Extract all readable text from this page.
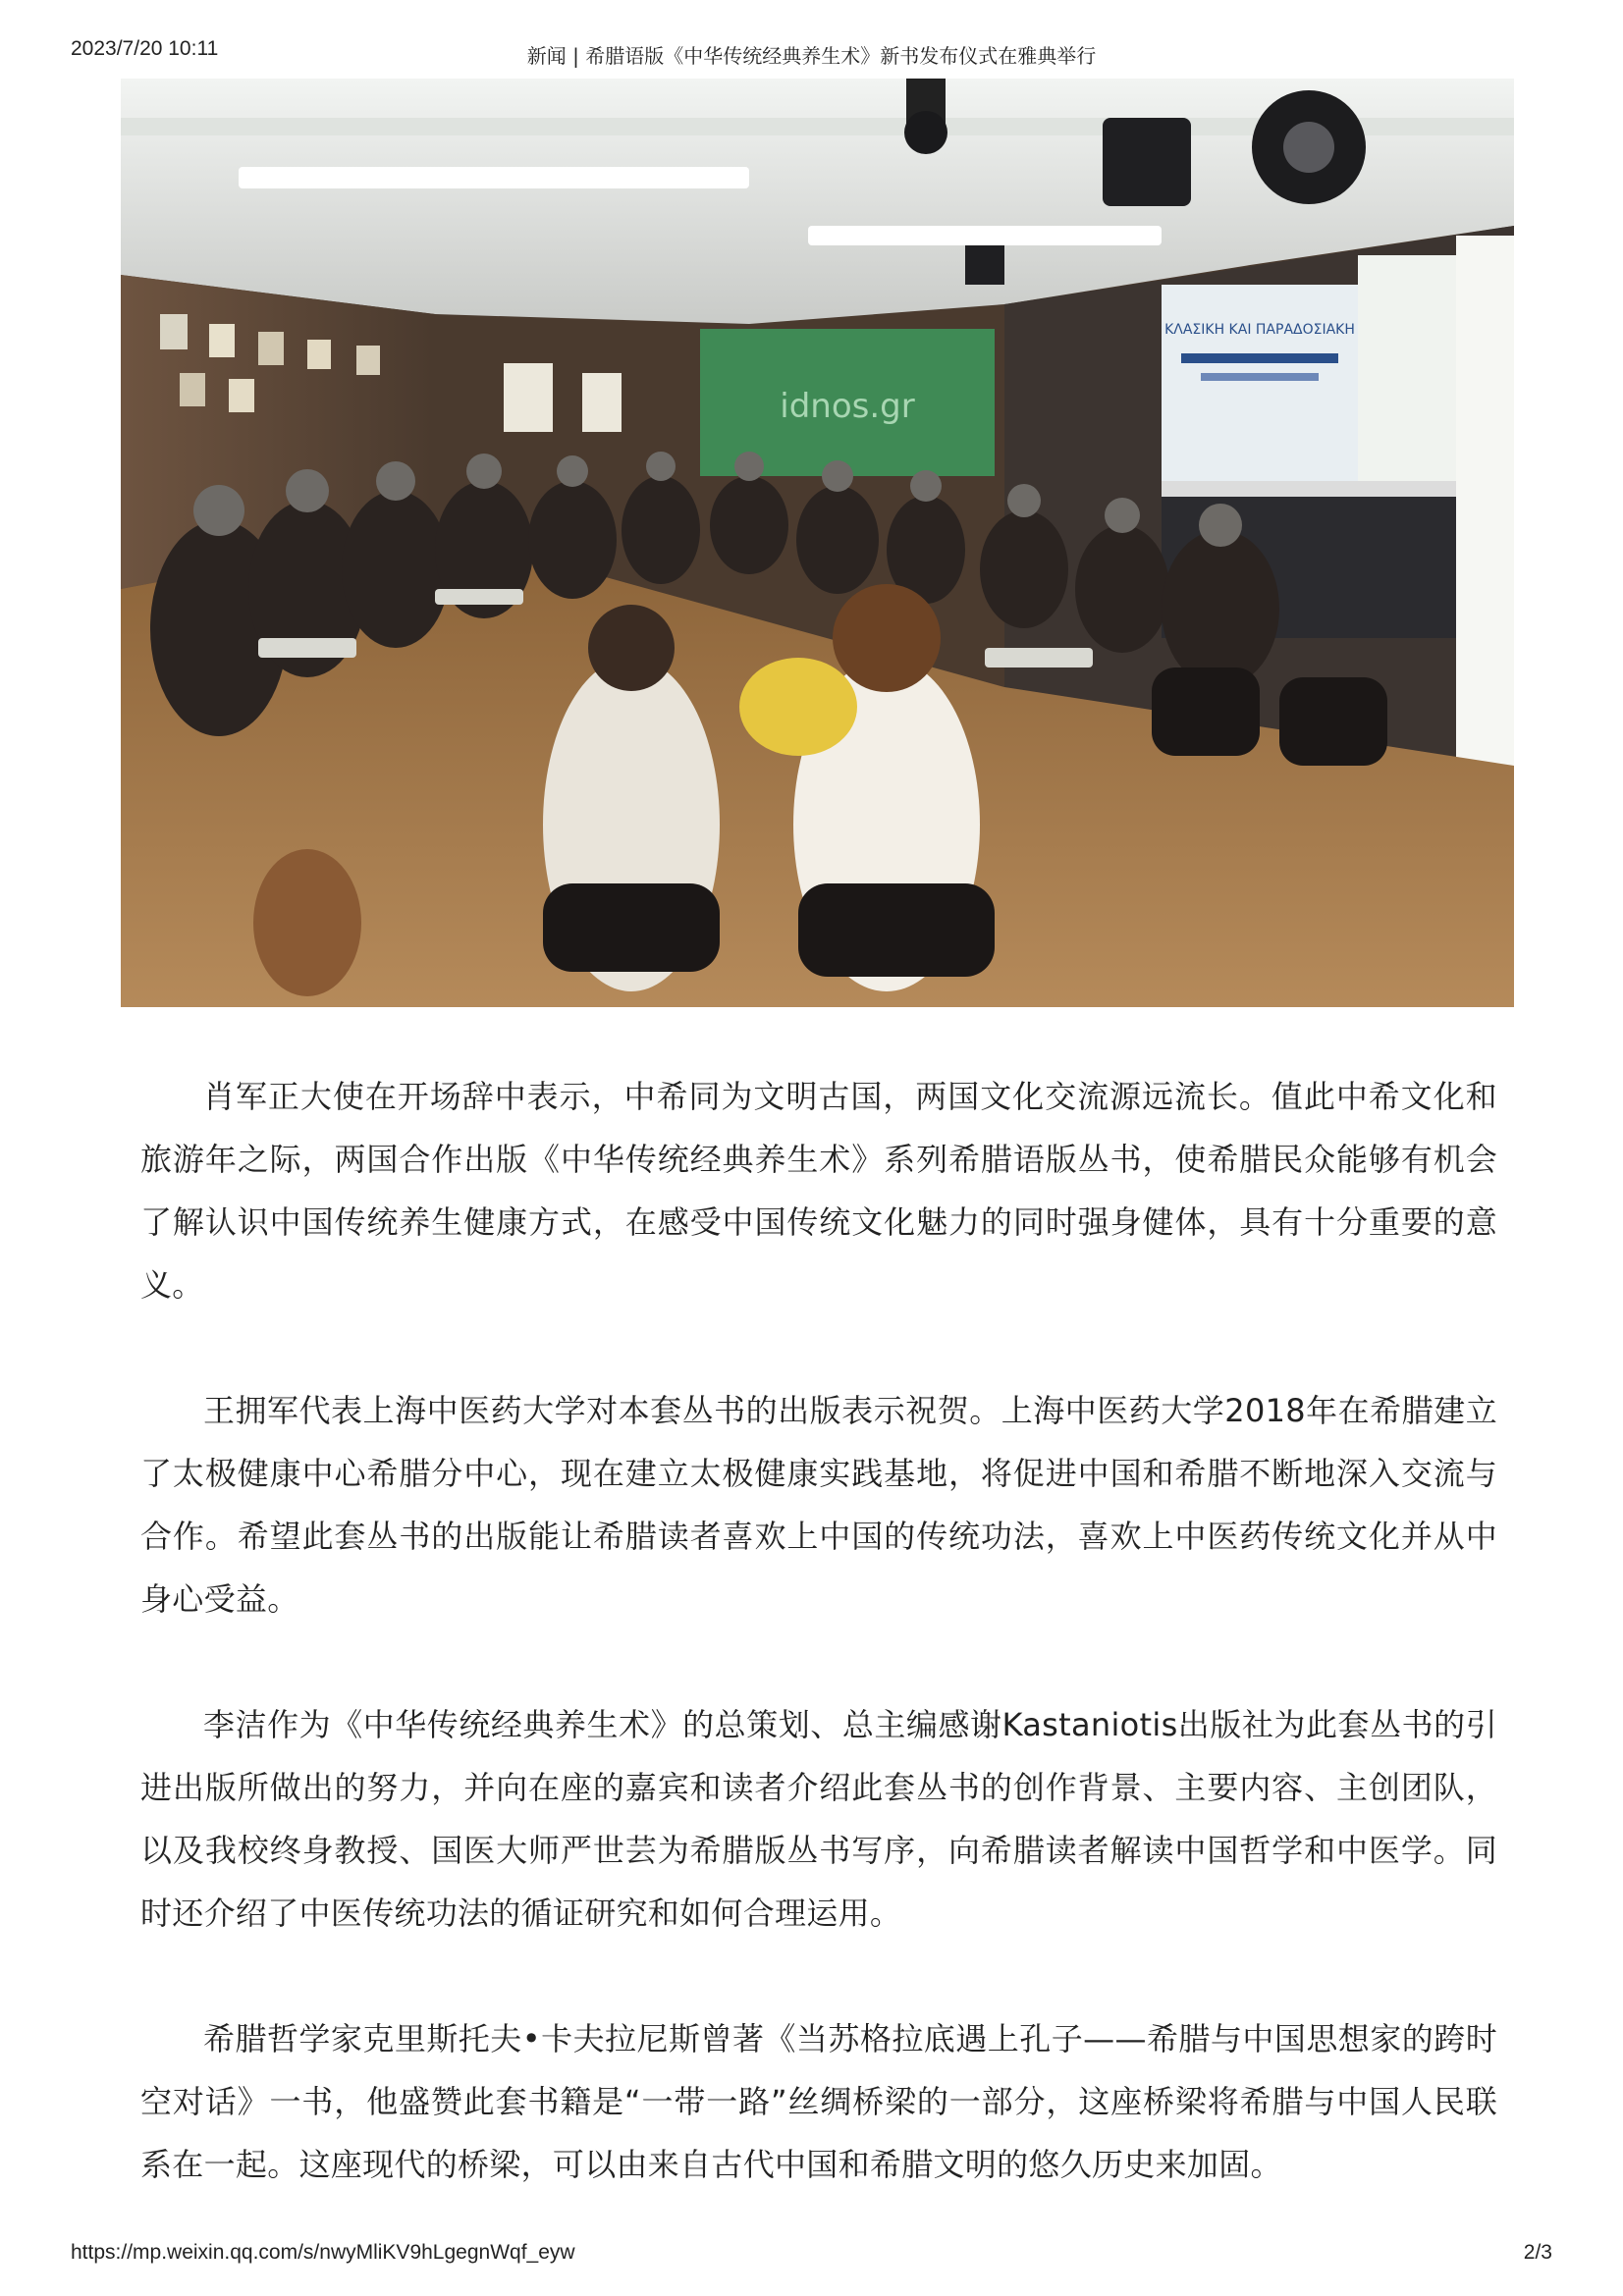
2023/7/20 10:11	新闻 | 希腊语版《中华传统经典养生术》新书发布仪式在雅典举行
idnos.gr
ΚΛΑΣΙΚΗ ΚΑΙ ΠΑΡΑΔΟΣΙΑΚΗ

肖军正大使在开场辞中表示，中希同为文明古国，两国文化交流源远流长。值此中希文化和旅游年之际，两国合作出版《中华传统经典养生术》系列希腊语版丛书，使希腊民众能够有机会了解认识中国传统养生健康方式，在感受中国传统文化魅力的同时强身健体，具有十分重要的意义。

王拥军代表上海中医药大学对本套丛书的出版表示祝贺。上海中医药大学2018年在希腊建立了太极健康中心希腊分中心，现在建立太极健康实践基地，将促进中国和希腊不断地深入交流与合作。希望此套丛书的出版能让希腊读者喜欢上中国的传统功法，喜欢上中医药传统文化并从中身心受益。

李洁作为《中华传统经典养生术》的总策划、总主编感谢Kastaniotis出版社为此套丛书的引进出版所做出的努力，并向在座的嘉宾和读者介绍此套丛书的创作背景、主要内容、主创团队，以及我校终身教授、国医大师严世芸为希腊版丛书写序，向希腊读者解读中国哲学和中医学。同时还介绍了中医传统功法的循证研究和如何合理运用。

希腊哲学家克里斯托夫•卡夫拉尼斯曾著《当苏格拉底遇上孔子——希腊与中国思想家的跨时空对话》一书，他盛赞此套书籍是“一带一路”丝绸桥梁的一部分，这座桥梁将希腊与中国人民联系在一起。这座现代的桥梁，可以由来自古代中国和希腊文明的悠久历史来加固。

https://mp.weixin.qq.com/s/nwyMliKV9hLgegnWqf_eyw	2/3
